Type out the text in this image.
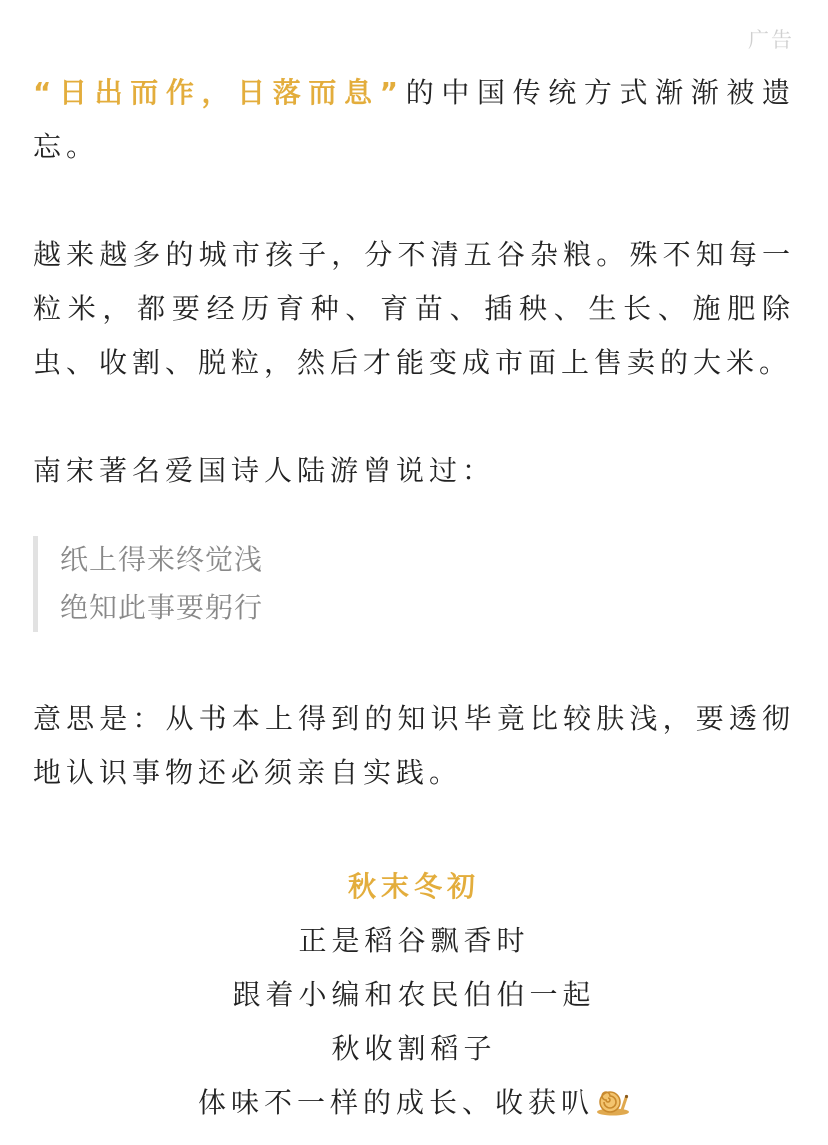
广告

“日出而作，日落而息”的中国传统方式渐渐被遗忘。

越来越多的城市孩子，分不清五谷杂粮。殊不知每一粒米，都要经历育种、育苗、插秧、生长、施肥除虫、收割、脱粒，然后才能变成市面上售卖的大米。

南宋著名爱国诗人陆游曾说过：

纸上得来终觉浅
绝知此事要躬行

意思是：从书本上得到的知识毕竟比较肤浅，要透彻地认识事物还必须亲自实践。

秋末冬初
正是稻谷飘香时
跟着小编和农民伯伯一起
秋收割稻子
体味不一样的成长、收获叭
